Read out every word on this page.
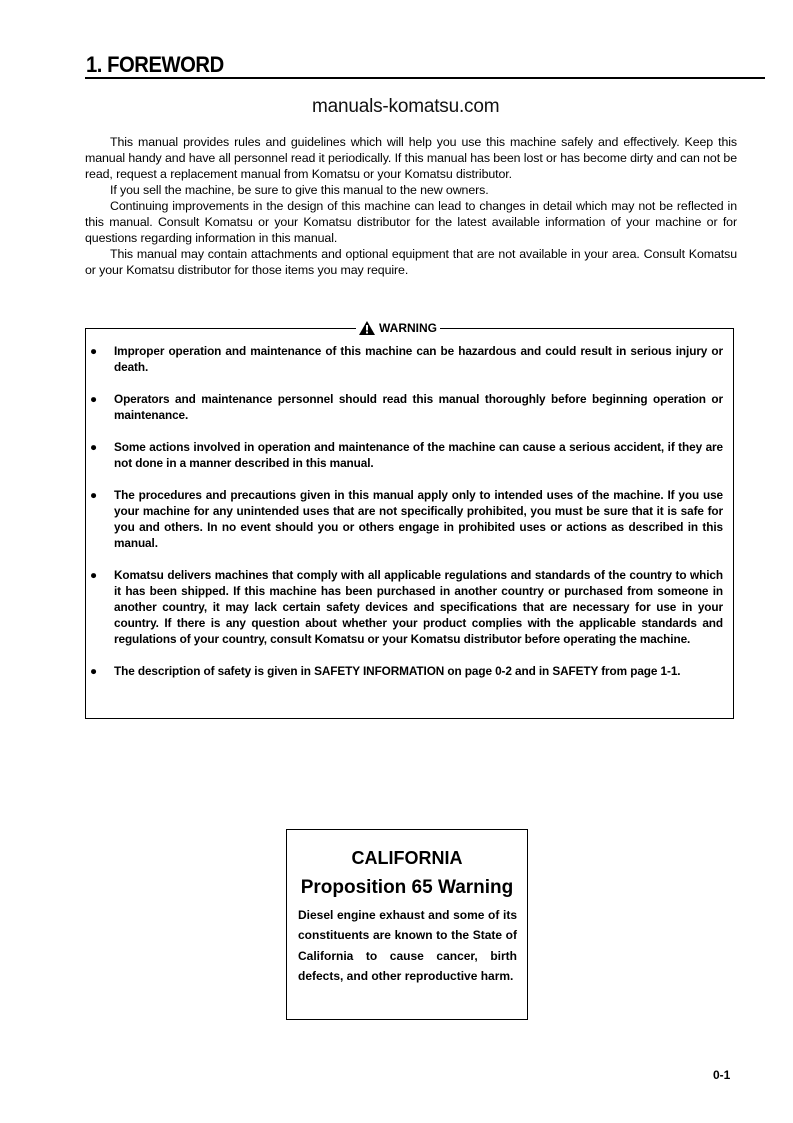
1. FOREWORD
manuals-komatsu.com

This manual provides rules and guidelines which will help you use this machine safely and effectively. Keep this manual handy and have all personnel read it periodically. If this manual has been lost or has become dirty and can not be read, request a replacement manual from Komatsu or your Komatsu distributor.

If you sell the machine, be sure to give this manual to the new owners.

Continuing improvements in the design of this machine can lead to changes in detail which may not be reflected in this manual. Consult Komatsu or your Komatsu distributor for the latest available information of your machine or for questions regarding information in this manual.

This manual may contain attachments and optional equipment that are not available in your area. Consult Komatsu or your Komatsu distributor for those items you may require.

WARNING
● Improper operation and maintenance of this machine can be hazardous and could result in serious injury or death.
● Operators and maintenance personnel should read this manual thoroughly before beginning operation or maintenance.
● Some actions involved in operation and maintenance of the machine can cause a serious accident, if they are not done in a manner described in this manual.
● The procedures and precautions given in this manual apply only to intended uses of the machine. If you use your machine for any unintended uses that are not specifically prohibited, you must be sure that it is safe for you and others. In no event should you or others engage in prohibited uses or actions as described in this manual.
● Komatsu delivers machines that comply with all applicable regulations and standards of the country to which it has been shipped. If this machine has been purchased in another country or purchased from someone in another country, it may lack certain safety devices and specifications that are necessary for use in your country. If there is any question about whether your product complies with the applicable standards and regulations of your country, consult Komatsu or your Komatsu distributor before operating the machine.
● The description of safety is given in SAFETY INFORMATION on page 0-2 and in SAFETY from page 1-1.
CALIFORNIA
Proposition 65 Warning
Diesel engine exhaust and some of its constituents are known to the State of California to cause cancer, birth defects, and other reproductive harm.
0-1
